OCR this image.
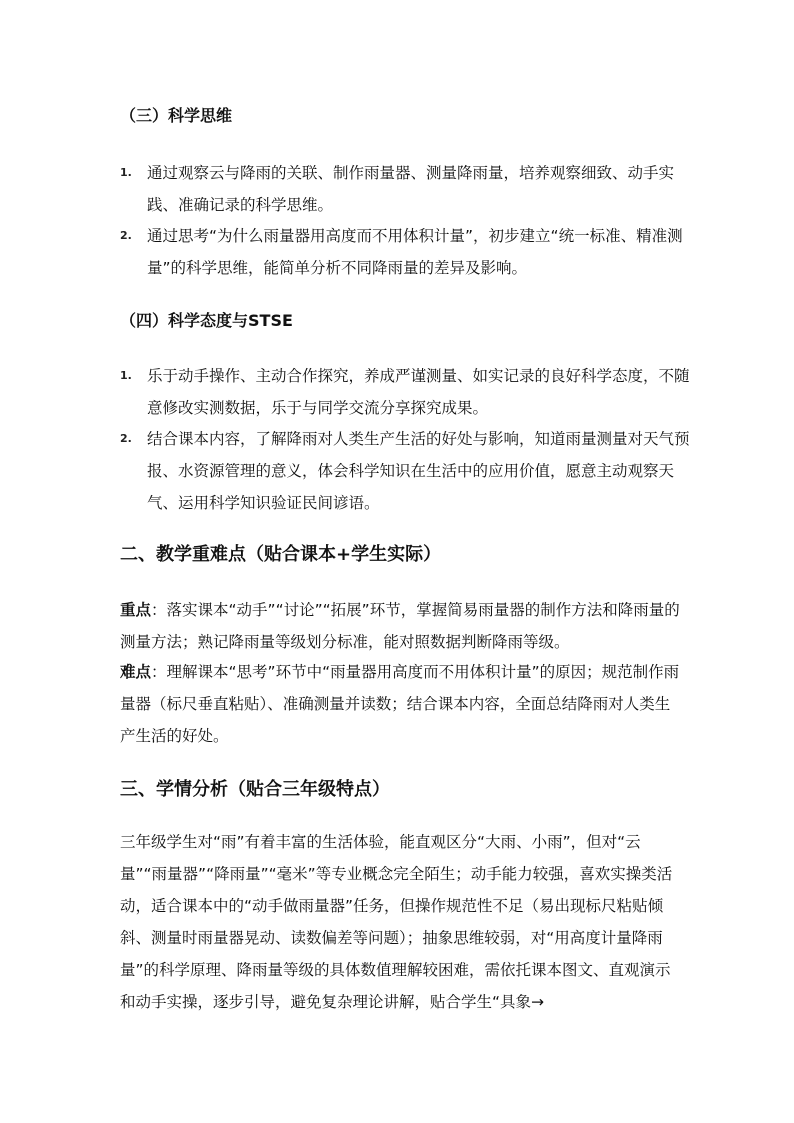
（三）科学思维
1. 通过观察云与降雨的关联、制作雨量器、测量降雨量，培养观察细致、动手实践、准确记录的科学思维。
2. 通过思考“为什么雨量器用高度而不用体积计量”，初步建立“统一标准、精准测量”的科学思维，能简单分析不同降雨量的差异及影响。
（四）科学态度与STSE
1. 乐于动手操作、主动合作探究，养成严谨测量、如实记录的良好科学态度，不随意修改实测数据，乐于与同学交流分享探究成果。
2. 结合课本内容，了解降雨对人类生产生活的好处与影响，知道雨量测量对天气预报、水资源管理的意义，体会科学知识在生活中的应用价值，愿意主动观察天气、运用科学知识验证民间谚语。
二、教学重难点（贴合课本+学生实际）

重点：落实课本“动手”“讨论”“拓展”环节，掌握简易雨量器的制作方法和降雨量的测量方法；熟记降雨量等级划分标准，能对照数据判断降雨等级。

难点：理解课本“思考”环节中“雨量器用高度而不用体积计量”的原因；规范制作雨量器（标尺垂直粘贴）、准确测量并读数；结合课本内容，全面总结降雨对人类生产生活的好处。

三、学情分析（贴合三年级特点）

三年级学生对“雨”有着丰富的生活体验，能直观区分“大雨、小雨”，但对“云量”“雨量器”“降雨量”“毫米”等专业概念完全陌生；动手能力较强，喜欢实操类活动，适合课本中的“动手做雨量器”任务，但操作规范性不足（易出现标尺粘贴倾斜、测量时雨量器晃动、读数偏差等问题）；抽象思维较弱，对“用高度计量降雨量”的科学原理、降雨量等级的具体数值理解较困难，需依托课本图文、直观演示和动手实操，逐步引导，避免复杂理论讲解，贴合学生“具象→
